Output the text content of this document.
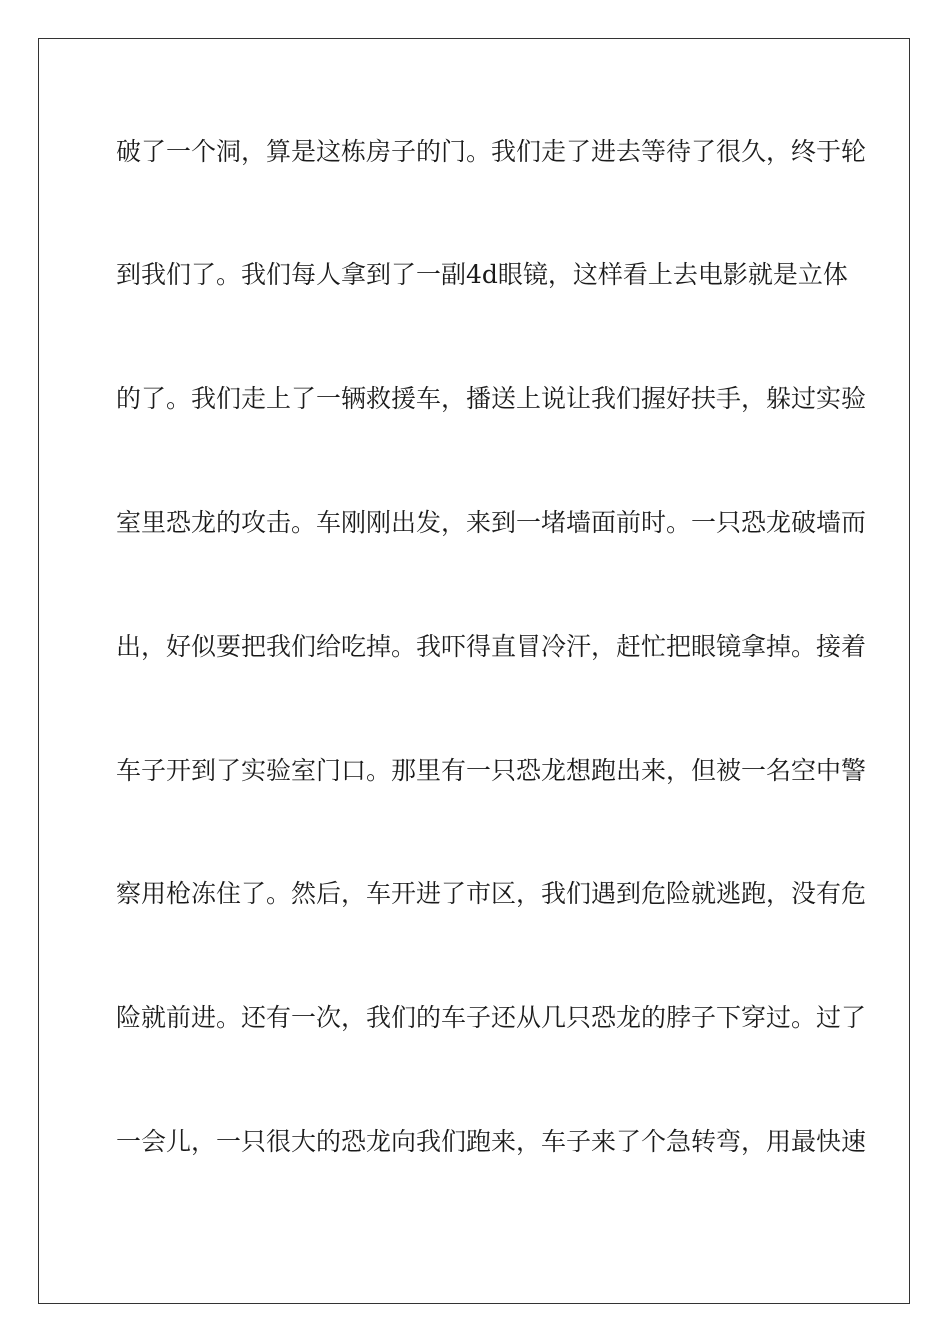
破了一个洞，算是这栋房子的门。我们走了进去等待了很久，终于轮
到我们了。我们每人拿到了一副4d眼镜，这样看上去电影就是立体
的了。我们走上了一辆救援车，播送上说让我们握好扶手，躲过实验
室里恐龙的攻击。车刚刚出发，来到一堵墙面前时。一只恐龙破墙而
出，好似要把我们给吃掉。我吓得直冒冷汗，赶忙把眼镜拿掉。接着
车子开到了实验室门口。那里有一只恐龙想跑出来，但被一名空中警
察用枪冻住了。然后，车开进了市区，我们遇到危险就逃跑，没有危
险就前进。还有一次，我们的车子还从几只恐龙的脖子下穿过。过了
一会儿，一只很大的恐龙向我们跑来，车子来了个急转弯，用最快速
